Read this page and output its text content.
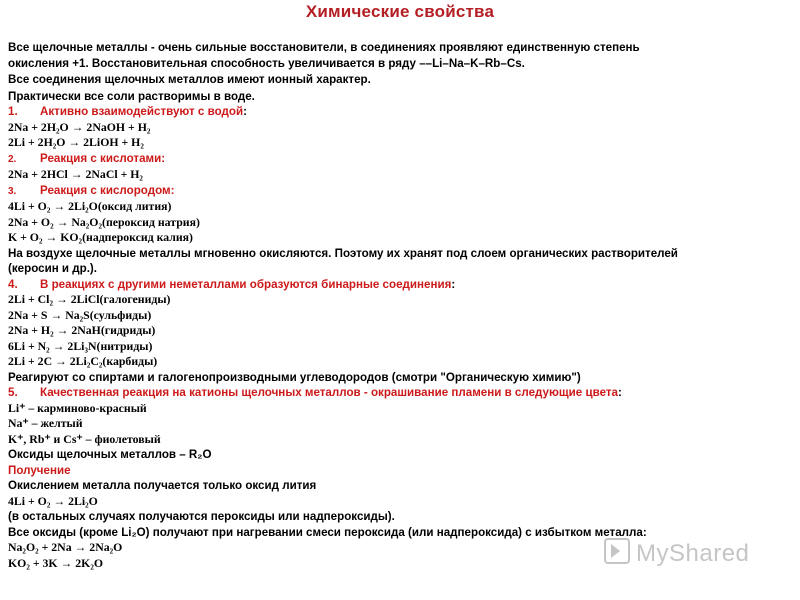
Химические свойства
Все щелочные металлы - очень сильные восстановители, в соединениях проявляют единственную степень
окисления +1. Восстановительная способность увеличивается в ряду ––Li–Na–K–Rb–Cs.
Все соединения щелочных металлов имеют ионный характер.
Практически все соли растворимы в воде.
1. Активно взаимодействуют с водой:
2Na + 2H₂O → 2NaOH + H₂
2Li + 2H₂O → 2LiOH + H₂
2. Реакция с кислотами:
2Na + 2HCl → 2NaCl + H₂
3. Реакция с кислородом:
4Li + O₂ → 2Li₂O(оксид лития)
2Na + O₂ → Na₂O₂(пероксид натрия)
K + O₂ → KO₂(надпероксид калия)
На воздухе щелочные металлы мгновенно окисляются. Поэтому их хранят под слоем органических растворителей
(керосин и др.).
4. В реакциях с другими неметаллами образуются бинарные соединения:
2Li + Cl₂ → 2LiCl(галогениды)
2Na + S → Na₂S(сульфиды)
2Na + H₂ → 2NaH(гидриды)
6Li + N₂ → 2Li₃N(нитриды)
2Li + 2C → 2Li₂C₂(карбиды)
Реагируют со спиртами и галогенопроизводными углеводородов (смотри "Органическую химию")
5. Качественная реакция на катионы щелочных металлов - окрашивание пламени в следующие цвета:
Li⁺ – карминово-красный
Na⁺ – желтый
K⁺, Rb⁺ и Cs⁺ – фиолетовый
Оксиды щелочных металлов – R₂O
Получение
Окислением металла получается только оксид лития
4Li + O₂ → 2Li₂O
(в остальных случаях получаются пероксиды или надпероксиды).
Все оксиды (кроме Li₂O) получают при нагревании смеси пероксида (или надпероксида) с избытком металла:
Na₂O₂ + 2Na → 2Na₂O
KO₂ + 3K → 2K₂O	MyShared
